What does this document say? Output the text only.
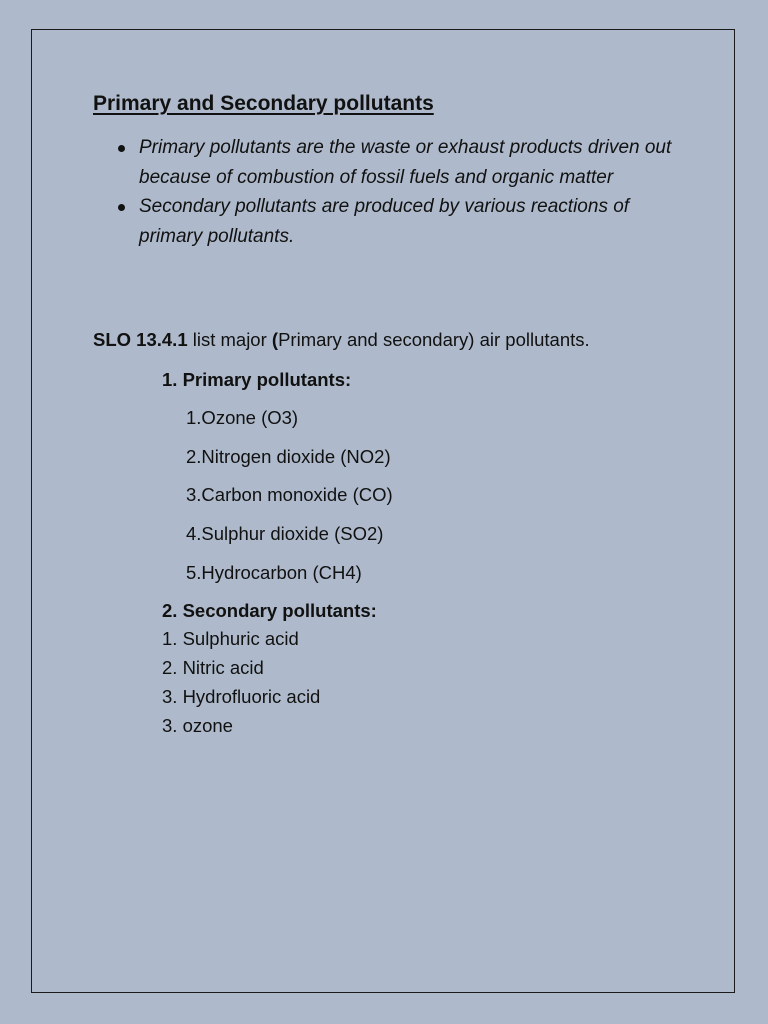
Primary and Secondary pollutants
Primary pollutants are the waste or exhaust products driven out because of combustion of fossil fuels and organic matter
Secondary pollutants are produced by various reactions of primary pollutants.

SLO 13.4.1 list major (Primary and secondary) air pollutants.

1. Primary pollutants:

1.Ozone (O3)

2.Nitrogen dioxide (NO2)

3.Carbon monoxide (CO)

4.Sulphur dioxide (SO2)

5.Hydrocarbon (CH4)

2. Secondary pollutants:

1. Sulphuric acid

2. Nitric acid

3. Hydrofluoric acid

3. ozone
